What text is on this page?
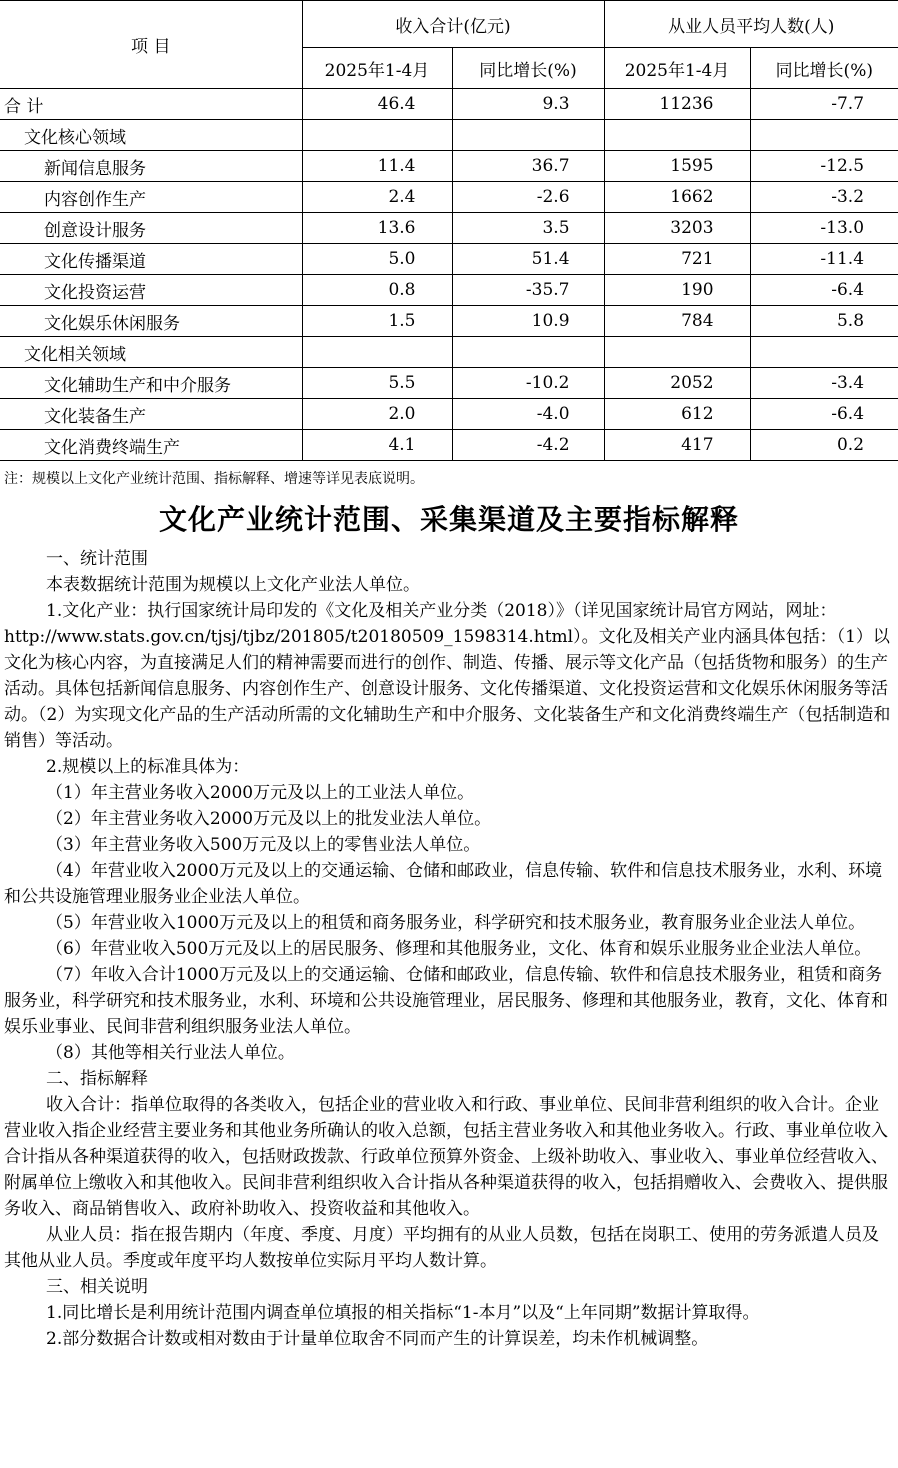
项 目	收入合计(亿元)		从业人员平均人数(人)	
	2025年1-4月	同比增长(%)	2025年1-4月	同比增长(%)
合 计	46.4	9.3	11236	-7.7
文化核心领域				
新闻信息服务	11.4	36.7	1595	-12.5
内容创作生产	2.4	-2.6	1662	-3.2
创意设计服务	13.6	3.5	3203	-13.0
文化传播渠道	5.0	51.4	721	-11.4
文化投资运营	0.8	-35.7	190	-6.4
文化娱乐休闲服务	1.5	10.9	784	5.8
文化相关领域				
文化辅助生产和中介服务	5.5	-10.2	2052	-3.4
文化装备生产	2.0	-4.0	612	-6.4
文化消费终端生产	4.1	-4.2	417	0.2
注：规模以上文化产业统计范围、指标解释、增速等详见表底说明。
文化产业统计范围、采集渠道及主要指标解释

一、统计范围

本表数据统计范围为规模以上文化产业法人单位。

1.文化产业：执行国家统计局印发的《文化及相关产业分类（2018）》（详见国家统计局官方网站，网址：http://www.stats.gov.cn/tjsj/tjbz/201805/t20180509_1598314.html）。文化及相关产业内涵具体包括：（1）以文化为核心内容，为直接满足人们的精神需要而进行的创作、制造、传播、展示等文化产品（包括货物和服务）的生产活动。具体包括新闻信息服务、内容创作生产、创意设计服务、文化传播渠道、文化投资运营和文化娱乐休闲服务等活动。（2）为实现文化产品的生产活动所需的文化辅助生产和中介服务、文化装备生产和文化消费终端生产（包括制造和销售）等活动。

2.规模以上的标准具体为：

（1）年主营业务收入2000万元及以上的工业法人单位。

（2）年主营业务收入2000万元及以上的批发业法人单位。

（3）年主营业务收入500万元及以上的零售业法人单位。

（4）年营业收入2000万元及以上的交通运输、仓储和邮政业，信息传输、软件和信息技术服务业，水利、环境和公共设施管理业服务业企业法人单位。

（5）年营业收入1000万元及以上的租赁和商务服务业，科学研究和技术服务业，教育服务业企业法人单位。

（6）年营业收入500万元及以上的居民服务、修理和其他服务业，文化、体育和娱乐业服务业企业法人单位。

（7）年收入合计1000万元及以上的交通运输、仓储和邮政业，信息传输、软件和信息技术服务业，租赁和商务服务业，科学研究和技术服务业，水利、环境和公共设施管理业，居民服务、修理和其他服务业，教育，文化、体育和娱乐业事业、民间非营利组织服务业法人单位。

（8）其他等相关行业法人单位。

二、指标解释

收入合计：指单位取得的各类收入，包括企业的营业收入和行政、事业单位、民间非营利组织的收入合计。企业营业收入指企业经营主要业务和其他业务所确认的收入总额，包括主营业务收入和其他业务收入。行政、事业单位收入合计指从各种渠道获得的收入，包括财政拨款、行政单位预算外资金、上级补助收入、事业收入、事业单位经营收入、附属单位上缴收入和其他收入。民间非营利组织收入合计指从各种渠道获得的收入，包括捐赠收入、会费收入、提供服务收入、商品销售收入、政府补助收入、投资收益和其他收入。

从业人员：指在报告期内（年度、季度、月度）平均拥有的从业人员数，包括在岗职工、使用的劳务派遣人员及其他从业人员。季度或年度平均人数按单位实际月平均人数计算。

三、相关说明

1.同比增长是利用统计范围内调查单位填报的相关指标“1-本月”以及“上年同期”数据计算取得。

2.部分数据合计数或相对数由于计量单位取舍不同而产生的计算误差，均未作机械调整。
